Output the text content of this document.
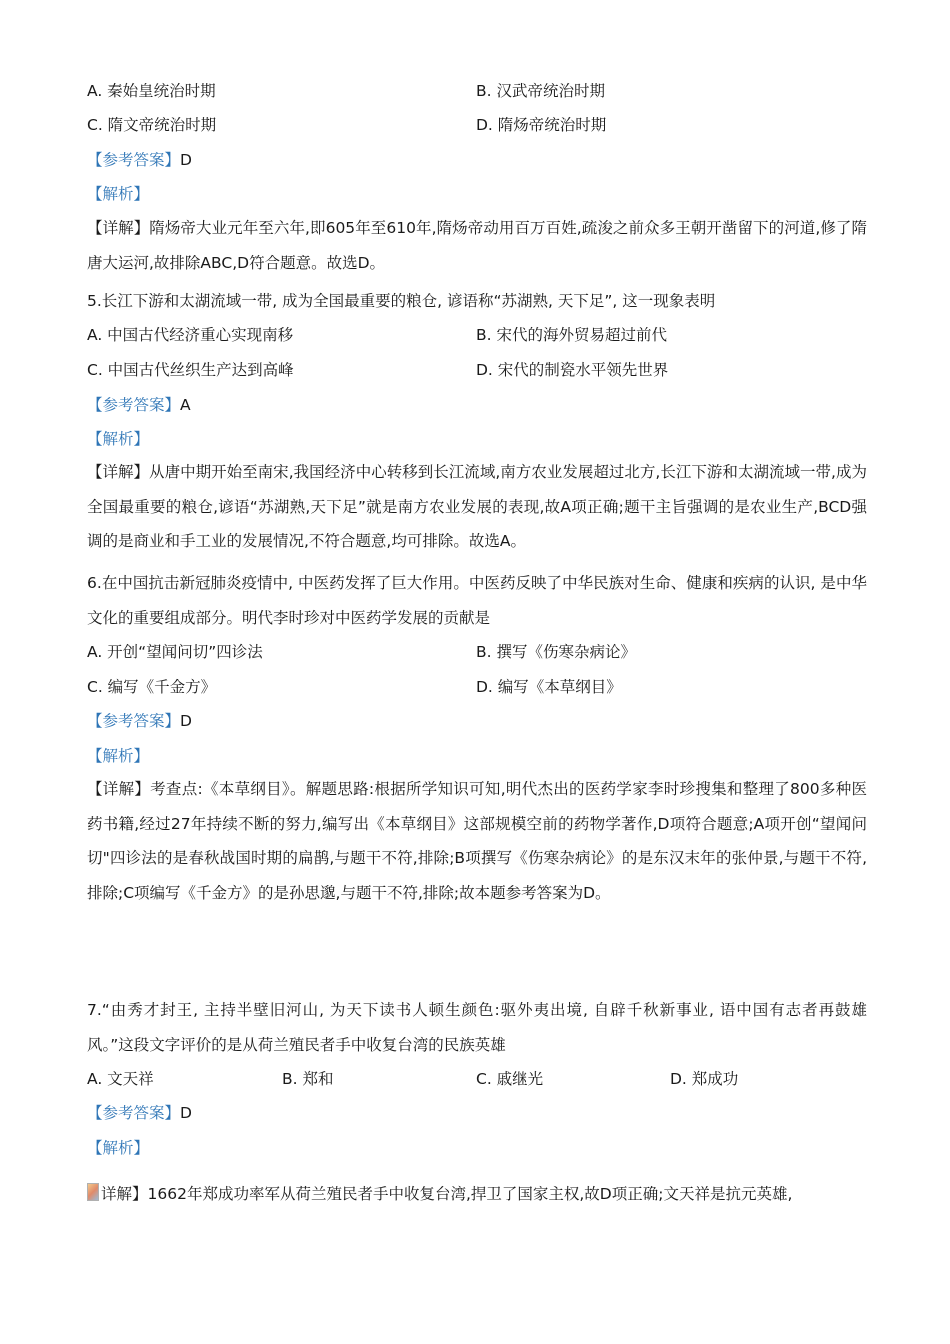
A. 秦始皇统治时期	B. 汉武帝统治时期
C. 隋文帝统治时期	D. 隋炀帝统治时期
【参考答案】D
【解析】
【详解】隋炀帝大业元年至六年,即605年至610年,隋炀帝动用百万百姓,疏浚之前众多王朝开凿留下的河道,修了隋唐大运河,故排除ABC,D符合题意。故选D。
5.长江下游和太湖流域一带, 成为全国最重要的粮仓, 谚语称“苏湖熟, 天下足”, 这一现象表明
A. 中国古代经济重心实现南移	B. 宋代的海外贸易超过前代
C. 中国古代丝织生产达到高峰	D. 宋代的制瓷水平领先世界
【参考答案】A
【解析】
【详解】从唐中期开始至南宋,我国经济中心转移到长江流域,南方农业发展超过北方,长江下游和太湖流域一带,成为全国最重要的粮仓,谚语“苏湖熟,天下足”就是南方农业发展的表现,故A项正确;题干主旨强调的是农业生产,BCD强调的是商业和手工业的发展情况,不符合题意,均可排除。故选A。
6.在中国抗击新冠肺炎疫情中, 中医药发挥了巨大作用。中医药反映了中华民族对生命、健康和疾病的认识, 是中华文化的重要组成部分。明代李时珍对中医药学发展的贡献是
A. 开创“望闻问切”四诊法	B. 撰写《伤寒杂病论》
C. 编写《千金方》	D. 编写《本草纲目》
【参考答案】D
【解析】
【详解】考查点:《本草纲目》。解题思路:根据所学知识可知,明代杰出的医药学家李时珍搜集和整理了800多种医药书籍,经过27年持续不断的努力,编写出《本草纲目》这部规模空前的药物学著作,D项符合题意;A项开创“望闻问切"四诊法的是春秋战国时期的扁鹊,与题干不符,排除;B项撰写《伤寒杂病论》的是东汉末年的张仲景,与题干不符,排除;C项编写《千金方》的是孙思邈,与题干不符,排除;故本题参考答案为D。
7.“由秀才封王, 主持半壁旧河山, 为天下读书人顿生颜色:驱外夷出境, 自辟千秋新事业, 语中国有志者再鼓雄风。”这段文字评价的是从荷兰殖民者手中收复台湾的民族英雄
A. 文天祥	B. 郑和	C. 戚继光	D. 郑成功
【参考答案】D
【解析】
详解】1662年郑成功率军从荷兰殖民者手中收复台湾,捍卫了国家主权,故D项正确;文天祥是抗元英雄,
